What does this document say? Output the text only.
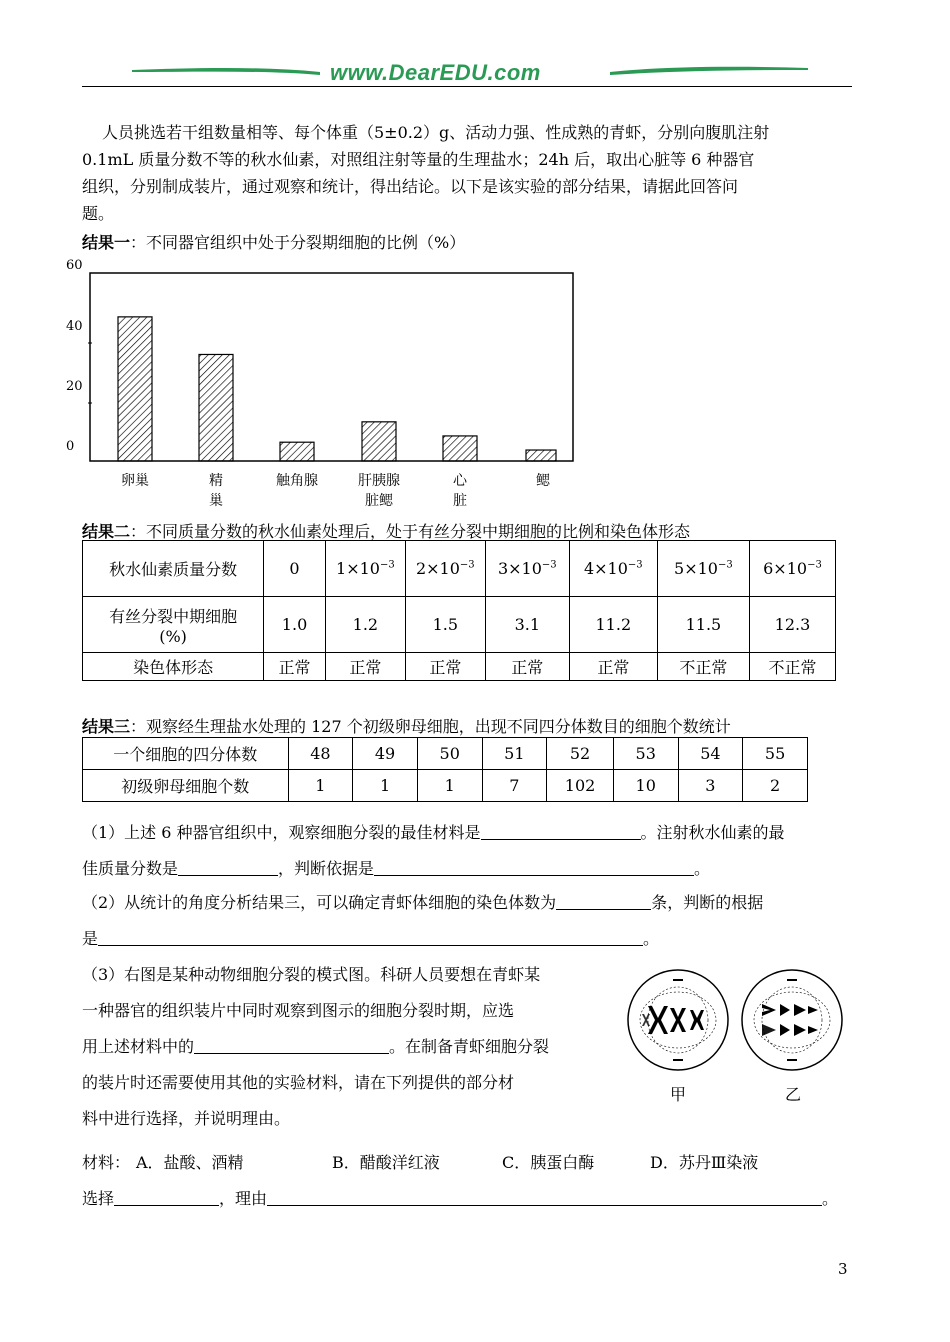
www.DearEDU.com
人员挑选若干组数量相等、每个体重（5±0.2）g、活动力强、性成熟的青虾，分别向腹肌注射
0.1mL 质量分数不等的秋水仙素，对照组注射等量的生理盐水；24h 后，取出心脏等 6 种器官
组织，分别制成装片，通过观察和统计，得出结论。以下是该实验的部分结果，请据此回答问
题。
结果一：不同器官组织中处于分裂期细胞的比例（%）
60
40
20
0
卵巢	精
巢
触角腺	肝胰腺
脏鳃
心
脏
鳃
结果二：不同质量分数的秋水仙素处理后，处于有丝分裂中期细胞的比例和染色体形态
秋水仙素质量分数	0	$1\times 10^{-3}$	$2\times 10^{-3}$	$3\times 10^{-3}$	$4\times 10^{-3}$	$5\times 10^{-3}$	$6\times 10^{-3}$

有丝分裂中期细胞
(%)	1.0	1.2	1.5	3.1	11.2	11.5	12.3
染色体形态	正常	正常	正常	正常	正常	不正常	不正常
结果三：观察经生理盐水处理的 127 个初级卵母细胞，出现不同四分体数目的细胞个数统计
一个细胞的四分体数	48	49	50	51	52	53	54	55
初级卵母细胞个数	1	1	1	7	102	10	3	2
（1）上述 6 种器官组织中，观察细胞分裂的最佳材料是	。注射秋水仙素的最
佳质量分数是	，判断依据是	。
（2）从统计的角度分析结果三，可以确定青虾体细胞的染色体数为	条，判断的根据
是	。
（3）右图是某种动物细胞分裂的模式图。科研人员要想在青虾某
一种器官的组织装片中同时观察到图示的细胞分裂时期，应选
用上述材料中的	。在制备青虾细胞分裂
的装片时还需要使用其他的实验材料，请在下列提供的部分材
料中进行选择，并说明理由。
甲	乙
材料： A．盐酸、酒精	B．醋酸洋红液	C．胰蛋白酶	D．苏丹Ⅲ染液
选择	，理由	。
3
